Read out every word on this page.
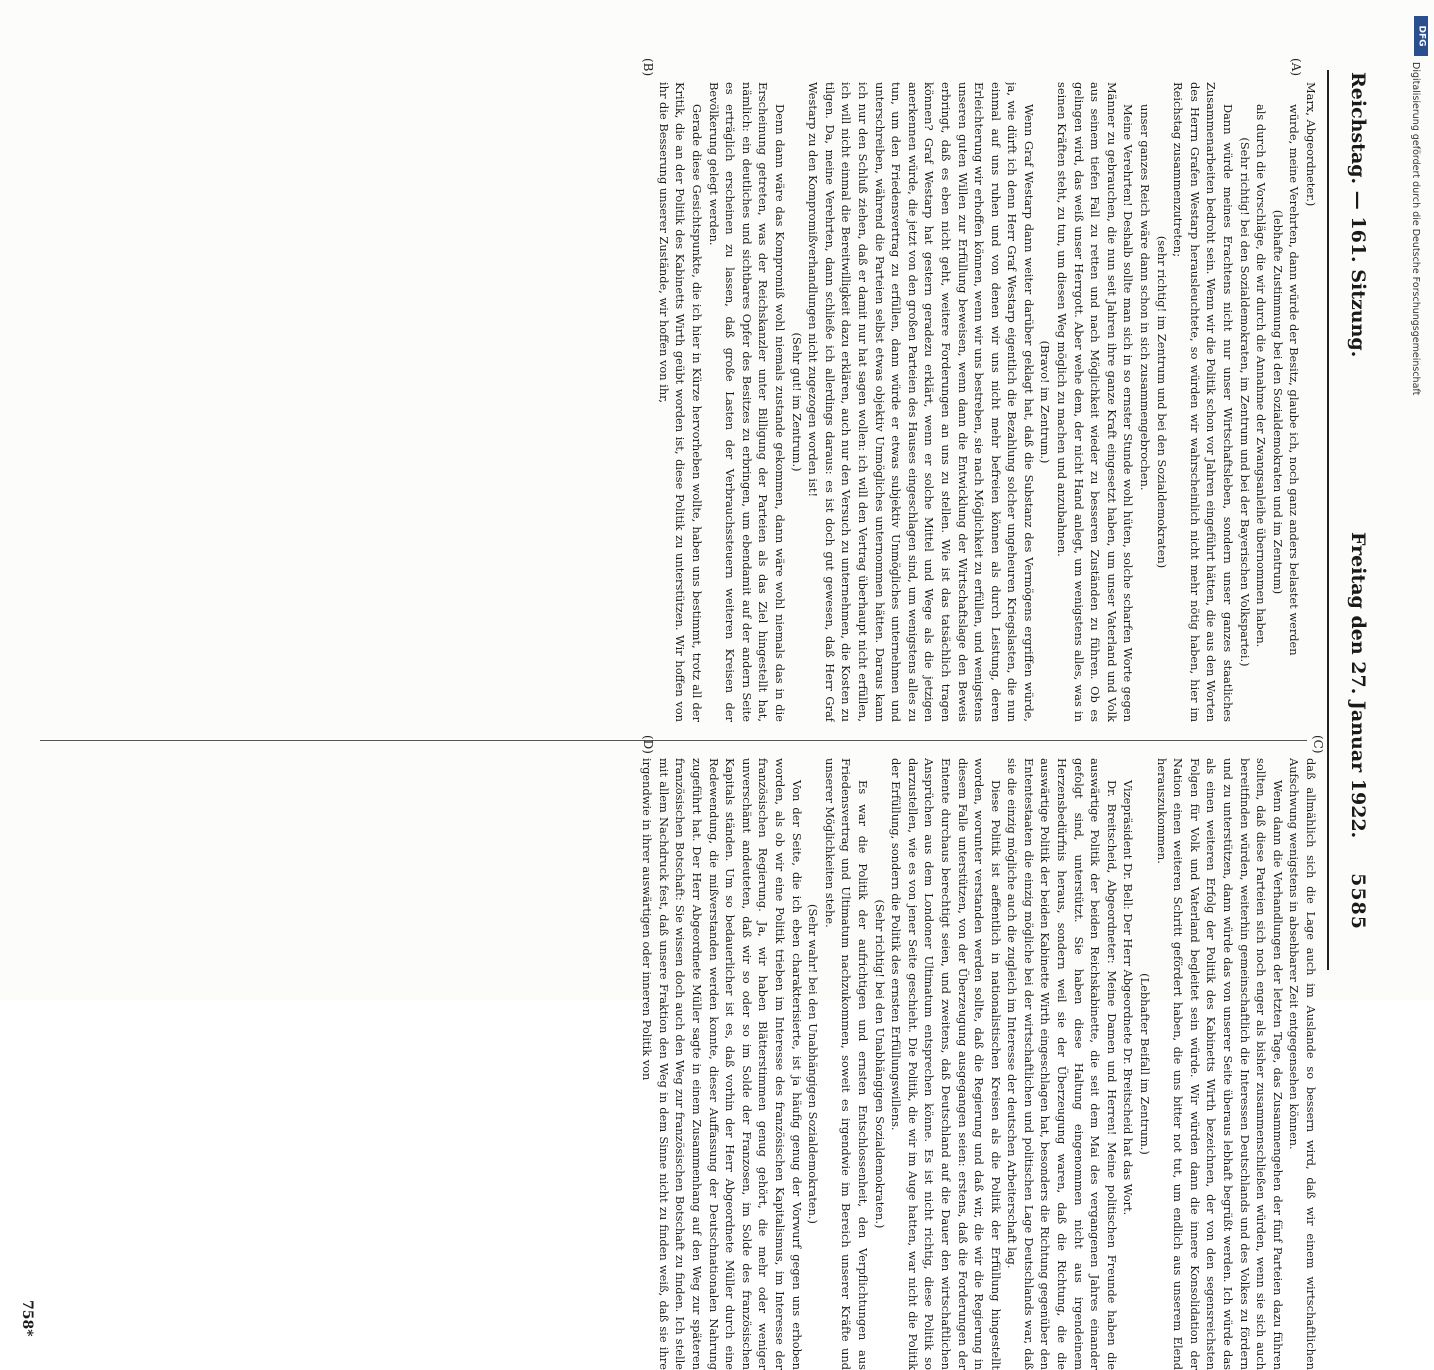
Reichstag. — 161. Sitzung.
Freitag den 27. Januar 1922.
5585
(A)
(B)
(C)
(D)

Marx, Abgeordneter.)

würde, meine Verehrten, dann würde der Besitz, glaube ich, noch ganz anders belastet werden

(lebhafte Zustimmung bei den Sozialdemokraten und im Zentrum)

als durch die Vorschläge, die wir durch die Annahme der Zwangsanleihe übernommen haben.

(Sehr richtig! bei den Sozialdemokraten, im Zentrum und bei der Bayerischen Volkspartei.)

Dann würde meines Erachtens nicht nur unser Wirtschaftsleben, sondern unser ganzes staatliches Zusammenarbeiten bedroht sein. Wenn wir die Politik schon vor Jahren eingeführt hätten, die aus den Worten des Herrn Grafen Westarp herausleuchtete, so würden wir wahrscheinlich nicht mehr nötig haben, hier im Reichstag zusammenzutreten;

(sehr richtig! im Zentrum und bei den Sozialdemokraten)

unser ganzes Reich wäre dann schon in sich zusammengebrochen.

Meine Verehrten! Deshalb sollte man sich in so ernster Stunde wohl hüten, solche scharfen Worte gegen Männer zu gebrauchen, die nun seit Jahren ihre ganze Kraft eingesetzt haben, um unser Vaterland und Volk aus seinem tiefen Fall zu retten und nach Möglichkeit wieder zu besseren Zuständen zu führen. Ob es gelingen wird, das weiß unser Herrgott. Aber wehe dem, der nicht Hand anlegt, um wenigstens alles, was in seinen Kräften steht, zu tun, um diesen Weg möglich zu machen und anzubahnen.

(Bravo! im Zentrum.)

Wenn Graf Westarp dann weiter darüber geklagt hat, daß die Substanz des Vermögens ergriffen würde, ja, wie dürft ich denn Herr Graf Westarp eigentlich die Bezahlung solcher ungeheuren Kriegslasten, die nun einmal auf uns ruhen und von denen wir uns nicht mehr befreien können als durch Leistung, deren Erleichterung wir erhoffen können, wenn wir uns bestreben, sie nach Möglichkeit zu erfüllen, und wenigstens unseren guten Willen zur Erfüllung beweisen, wenn dann die Entwicklung der Wirtschaftslage den Beweis erbringt, daß es eben nicht geht, weitere Forderungen an uns zu stellen. Wie ist das tatsächlich tragen können? Graf Westarp hat gestern geradezu erklärt, wenn er solche Mittel und Wege als die jetzigen anerkennen würde, die jetzt von den großen Parteien des Hauses eingeschlagen sind, um wenigstens alles zu tun, um den Friedensvertrag zu erfüllen, dann würde er etwas subjektiv Unmögliches unternehmen und unterschreiben, während die Parteien selbst etwas objektiv Unmögliches unternommen hätten. Daraus kann ich nur den Schluß ziehen, daß er damit nur hat sagen wollen: ich will den Vertrag überhaupt nicht erfüllen, ich will nicht einmal die Bereitwilligkeit dazu erklären, auch nur den Versuch zu unternehmen, die Kosten zu tilgen. Da, meine Verehrten, dann schließe ich allerdings daraus: es ist doch gut gewesen, daß Herr Graf Westarp zu den Kompromißverhandlungen nicht zugezogen worden ist!

(Sehr gut! im Zentrum.)

Denn dann wäre das Kompromiß wohl niemals zustande gekommen, dann wäre wohl niemals das in die Erscheinung getreten, was der Reichskanzler unter Billigung der Parteien als das Ziel hingestellt hat, nämlich: ein deutliches und sichtbares Opfer des Besitzes zu erbringen, um ebendamit auf der andern Seite es erträglich erscheinen zu lassen, daß große Lasten der Verbrauchssteuern weiteren Kreisen der Bevölkerung gelegt werden.

Gerade diese Gesichtspunkte, die ich hier in Kürze hervorheben wollte, haben uns bestimmt, trotz all der Kritik, die an der Politik des Kabinetts Wirth geübt worden ist, diese Politik zu unterstützen. Wir hoffen von ihr die Besserung unserer Zustände, wir hoffen von ihr,

daß allmählich sich die Lage auch im Auslande so bessern wird, daß wir einem wirtschaftlichen Aufschwung wenigstens in absehbarer Zeit entgegensehen können.

Wenn dann die Verhandlungen der letzten Tage, das Zusammengehen der fünf Parteien dazu führen sollten, daß diese Parteien sich noch enger als bisher zusammenschließen würden, wenn sie sich auch bereitfinden würden, weiterhin gemeinschaftlich die Interessen Deutschlands und des Volkes zu fördern und zu unterstützen, dann würde das von unserer Seite überaus lebhaft begrüßt werden. Ich würde das als einen weiteren Erfolg der Politik des Kabinetts Wirth bezeichnen, der von den segensreichsten Folgen für Volk und Vaterland begleitet sein würde. Wir würden dann die innere Konsolidation der Nation einen weiteren Schritt gefördert haben, die uns bitter not tut, um endlich aus unserem Elend herauszukommen.

(Lebhafter Beifall im Zentrum.)

Vizepräsident Dr. Bell: Der Herr Abgeordnete Dr. Breitscheid hat das Wort.

Dr. Breitscheid, Abgeordneter: Meine Damen und Herren! Meine politischen Freunde haben die auswärtige Politik der beiden Reichskabinette, die seit dem Mai des vergangenen Jahres einander gefolgt sind, unterstützt. Sie haben diese Haltung eingenommen nicht aus irgendeinem Herzensbedürfnis heraus, sondern weil sie der Überzeugung waren, daß die Richtung, die die auswärtige Politik der beiden Kabinette Wirth eingeschlagen hat, besonders die Richtung gegenüber den Ententestaaten die einzig mögliche bei der wirtschaftlichen und politischen Lage Deutschlands war, daß sie die einzig mögliche auch die zugleich im Interesse der deutschen Arbeiterschaft lag.

Diese Politik ist aeffentlich in nationalistischen Kreisen als die Politik der Erfüllung hingestellt worden, worunter verstanden werden sollte, daß die Regierung und daß wir, die wir die Regierung in diesem Falle unterstützen, von der Überzeugung ausgegangen seien: erstens, daß die Forderungen der Entente durchaus berechtigt seien, und zweitens, daß Deutschland auf die Dauer den wirtschaftlichen Ansprüchen aus dem Londoner Ultimatum entsprechen könne. Es ist nicht richtig, diese Politik so darzustellen, wie es von jener Seite geschieht. Die Politik, die wir im Auge hatten, war nicht die Politik der Erfüllung, sondern die Politik des ernsten Erfüllungswillens.

(Sehr richtig! bei den Unabhängigen Sozialdemokraten.)

Es war die Politik der aufrichtigen und ernsten Entschlossenheit, den Verpflichtungen aus Friedensvertrag und Ultimatum nachzukommen, soweit es irgendwie im Bereich unserer Kräfte und unserer Möglichkeiten stehe.

(Sehr wahr! bei den Unabhängigen Sozialdemokraten.)

Von der Seite, die ich eben charakterisierte, ist ja häufig genug der Vorwurf gegen uns erhoben worden, als ob wir eine Politik trieben im Interesse des französischen Kapitalismus, im Interesse der französischen Regierung. Ja, wir haben Blätterstimmen genug gehört, die mehr oder weniger unverschämt andeuteten, daß wir so oder so im Solde der Franzosen, im Solde des französischen Kapitals ständen. Um so bedauerlicher ist es, daß vorhin der Herr Abgeordnete Müller durch eine Redewendung, die mißverstanden werden konnte, dieser Auffassung der Deutschnationalen Nahrung zugeführt hat. Der Herr Abgeordnete Müller sagte in einem Zusammenhang auf den Weg zur späteren französischen Botschaft: Sie wissen doch auch den Weg zur französischen Botschaft zu finden. Ich stelle mit allem Nachdruck fest, daß unsere Fraktion den Weg in dem Sinne nicht zu finden weiß, daß sie ihre irgendwie in ihrer auswärtigen oder inneren Politik von

758*
DFG
Digitalisierung gefördert durch die Deutsche Forschungsgemeinschaft
